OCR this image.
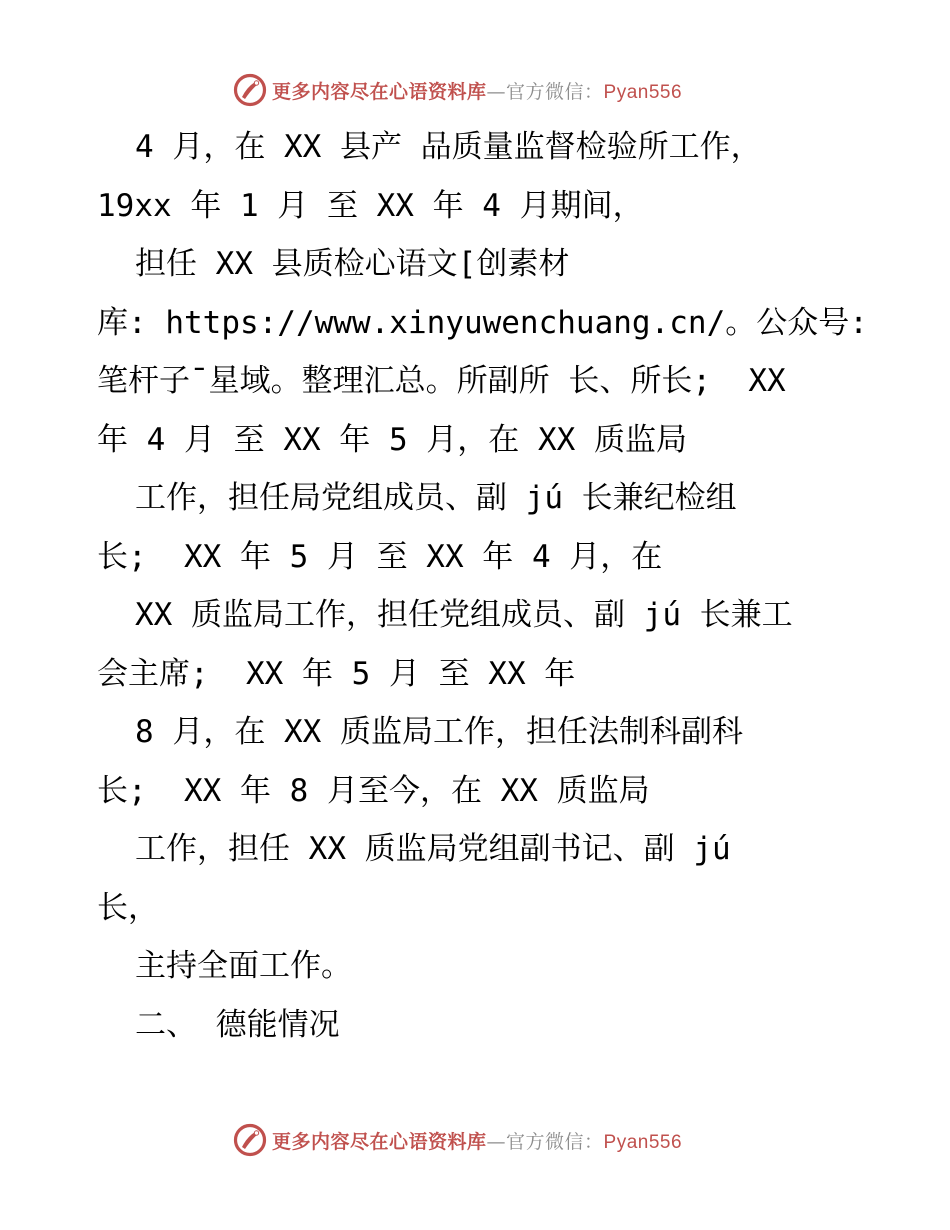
更多内容尽在心语资料库—官方微信：Pyan556
4 月，在 XX 县产 品质量监督检验所工作，
19xx 年 1 月 至 XX 年 4 月期间，
担任 XX 县质检心语文[创素材
库: https://www.xinyuwenchuang.cn/。公众号:
笔杆子¯星域。整理汇总。所副所 长、所长;  XX
年 4 月 至 XX 年 5 月，在 XX 质监局
工作，担任局党组成员、副 jú 长兼纪检组
长;  XX 年 5 月 至 XX 年 4 月，在
XX 质监局工作，担任党组成员、副 jú 长兼工
会主席;  XX 年 5 月 至 XX 年
8 月，在 XX 质监局工作，担任法制科副科
长;  XX 年 8 月至今，在 XX 质监局
工作，担任 XX 质监局党组副书记、副 jú
长，
主持全面工作。
二、 德能情况
更多内容尽在心语资料库—官方微信：Pyan556
